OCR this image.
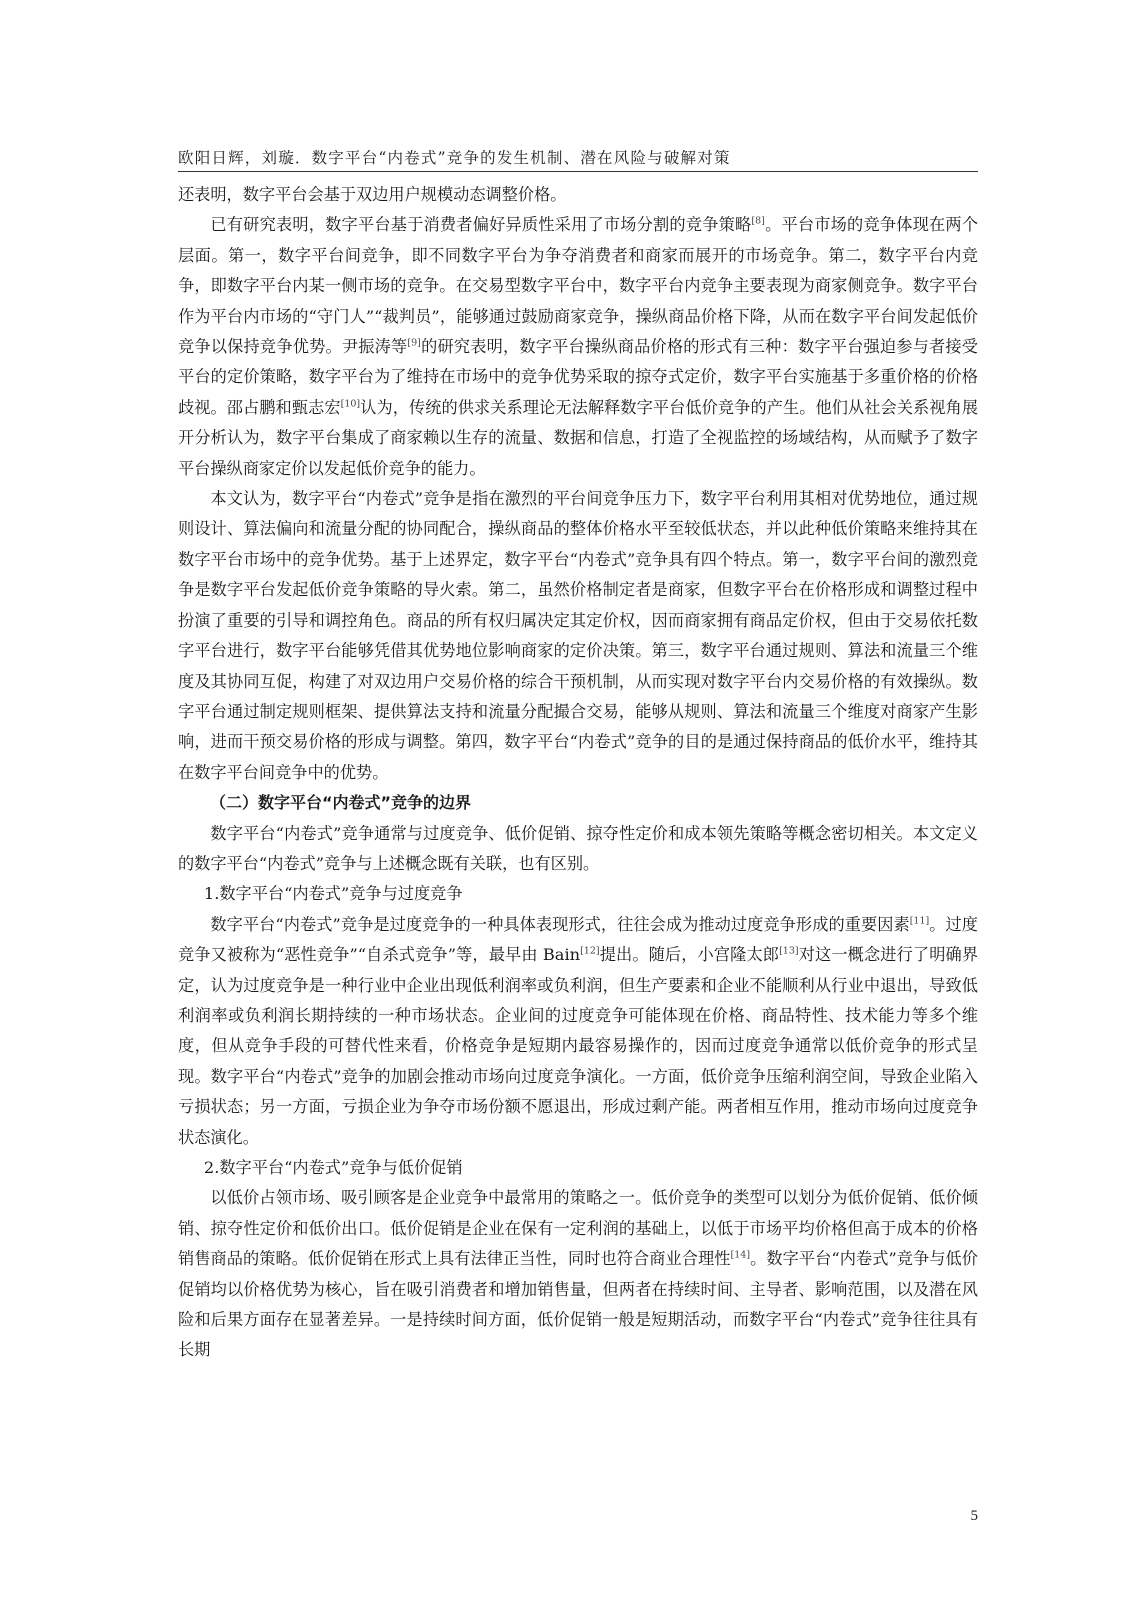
欧阳日辉，刘璇．数字平台“内卷式”竞争的发生机制、潜在风险与破解对策

还表明，数字平台会基于双边用户规模动态调整价格。

已有研究表明，数字平台基于消费者偏好异质性采用了市场分割的竞争策略[8]。平台市场的竞争体现在两个层面。第一，数字平台间竞争，即不同数字平台为争夺消费者和商家而展开的市场竞争。第二，数字平台内竞争，即数字平台内某一侧市场的竞争。在交易型数字平台中，数字平台内竞争主要表现为商家侧竞争。数字平台作为平台内市场的“守门人”“裁判员”，能够通过鼓励商家竞争，操纵商品价格下降，从而在数字平台间发起低价竞争以保持竞争优势。尹振涛等[9]的研究表明，数字平台操纵商品价格的形式有三种：数字平台强迫参与者接受平台的定价策略，数字平台为了维持在市场中的竞争优势采取的掠夺式定价，数字平台实施基于多重价格的价格歧视。邵占鹏和甄志宏[10]认为，传统的供求关系理论无法解释数字平台低价竞争的产生。他们从社会关系视角展开分析认为，数字平台集成了商家赖以生存的流量、数据和信息，打造了全视监控的场域结构，从而赋予了数字平台操纵商家定价以发起低价竞争的能力。

本文认为，数字平台“内卷式”竞争是指在激烈的平台间竞争压力下，数字平台利用其相对优势地位，通过规则设计、算法偏向和流量分配的协同配合，操纵商品的整体价格水平至较低状态，并以此种低价策略来维持其在数字平台市场中的竞争优势。基于上述界定，数字平台“内卷式”竞争具有四个特点。第一，数字平台间的激烈竞争是数字平台发起低价竞争策略的导火索。第二，虽然价格制定者是商家，但数字平台在价格形成和调整过程中扮演了重要的引导和调控角色。商品的所有权归属决定其定价权，因而商家拥有商品定价权，但由于交易依托数字平台进行，数字平台能够凭借其优势地位影响商家的定价决策。第三，数字平台通过规则、算法和流量三个维度及其协同互促，构建了对双边用户交易价格的综合干预机制，从而实现对数字平台内交易价格的有效操纵。数字平台通过制定规则框架、提供算法支持和流量分配撮合交易，能够从规则、算法和流量三个维度对商家产生影响，进而干预交易价格的形成与调整。第四，数字平台“内卷式”竞争的目的是通过保持商品的低价水平，维持其在数字平台间竞争中的优势。

（二）数字平台“内卷式”竞争的边界

数字平台“内卷式”竞争通常与过度竞争、低价促销、掠夺性定价和成本领先策略等概念密切相关。本文定义的数字平台“内卷式”竞争与上述概念既有关联，也有区别。

1.数字平台“内卷式”竞争与过度竞争

数字平台“内卷式”竞争是过度竞争的一种具体表现形式，往往会成为推动过度竞争形成的重要因素[11]。过度竞争又被称为“恶性竞争”“自杀式竞争”等，最早由 Bain[12]提出。随后，小宫隆太郎[13]对这一概念进行了明确界定，认为过度竞争是一种行业中企业出现低利润率或负利润，但生产要素和企业不能顺利从行业中退出，导致低利润率或负利润长期持续的一种市场状态。企业间的过度竞争可能体现在价格、商品特性、技术能力等多个维度，但从竞争手段的可替代性来看，价格竞争是短期内最容易操作的，因而过度竞争通常以低价竞争的形式呈现。数字平台“内卷式”竞争的加剧会推动市场向过度竞争演化。一方面，低价竞争压缩利润空间，导致企业陷入亏损状态；另一方面，亏损企业为争夺市场份额不愿退出，形成过剩产能。两者相互作用，推动市场向过度竞争状态演化。

2.数字平台“内卷式”竞争与低价促销

以低价占领市场、吸引顾客是企业竞争中最常用的策略之一。低价竞争的类型可以划分为低价促销、低价倾销、掠夺性定价和低价出口。低价促销是企业在保有一定利润的基础上，以低于市场平均价格但高于成本的价格销售商品的策略。低价促销在形式上具有法律正当性，同时也符合商业合理性[14]。数字平台“内卷式”竞争与低价促销均以价格优势为核心，旨在吸引消费者和增加销售量，但两者在持续时间、主导者、影响范围，以及潜在风险和后果方面存在显著差异。一是持续时间方面，低价促销一般是短期活动，而数字平台“内卷式”竞争往往具有长期

5
